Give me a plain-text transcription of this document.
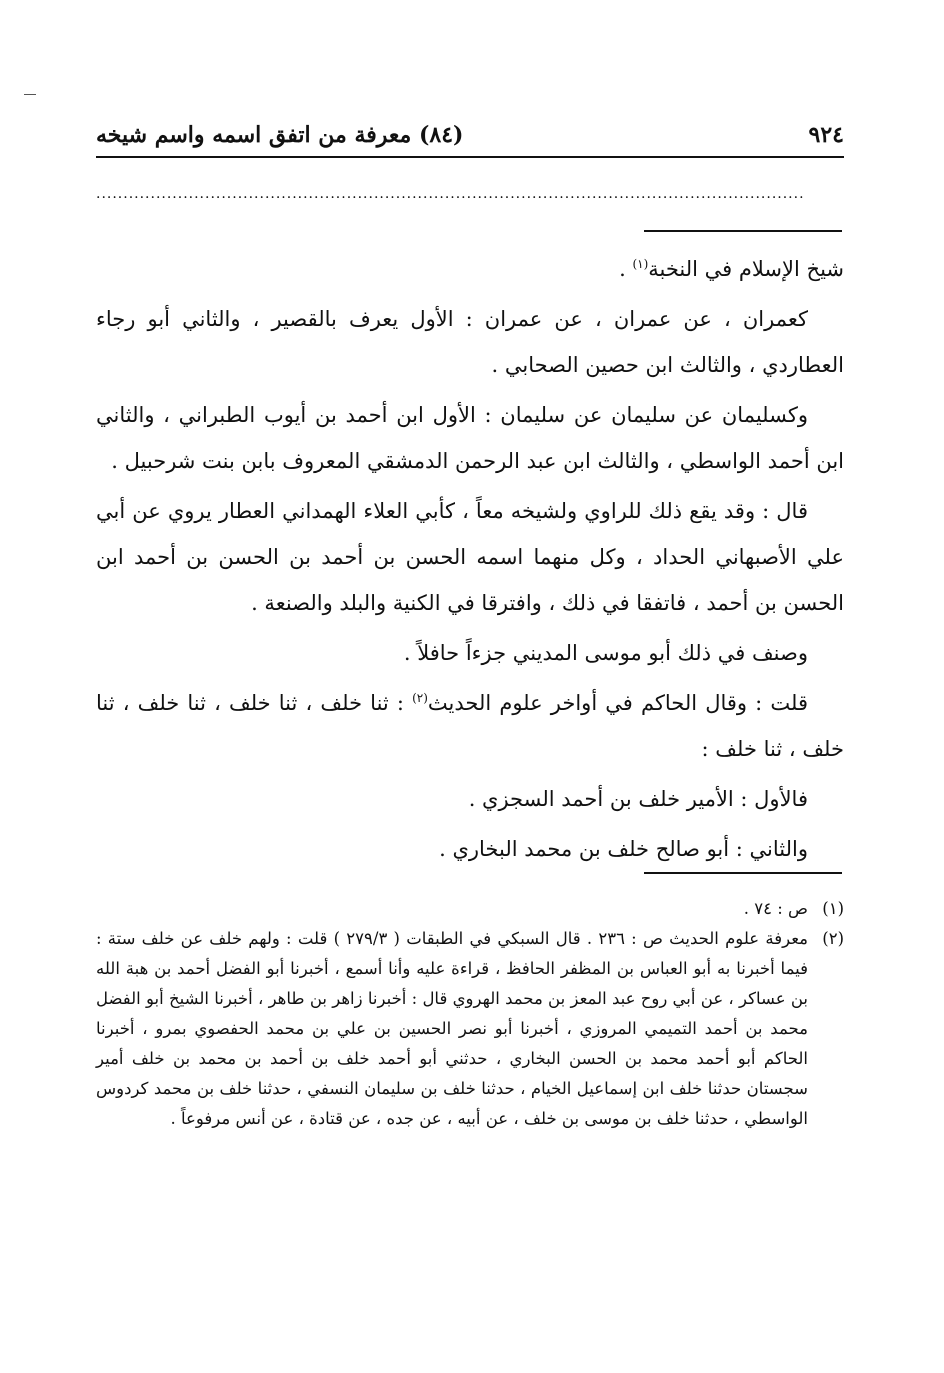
٩٢٤
(٨٤) معرفة من اتفق اسمه واسم شيخه
..................................................................................................................................

شيخ الإسلام في النخبة$^{(١)}$ .

كعمران ، عن عمران ، عن عمران : الأول يعرف بالقصير ، والثاني أبو رجاء العطاردي ، والثالث ابن حصين الصحابي .

وكسليمان عن سليمان عن سليمان : الأول ابن أحمد بن أيوب الطبراني ، والثاني ابن أحمد الواسطي ، والثالث ابن عبد الرحمن الدمشقي المعروف بابن بنت شرحبيل .

قال : وقد يقع ذلك للراوي ولشيخه معاً ، كأبي العلاء الهمداني العطار يروي عن أبي علي الأصبهاني الحداد ، وكل منهما اسمه الحسن بن أحمد بن الحسن بن أحمد ابن الحسن بن أحمد ، فاتفقا في ذلك ، وافترقا في الكنية والبلد والصنعة .

وصنف في ذلك أبو موسى المديني جزءاً حافلاً .

قلت : وقال الحاكم في أواخر علوم الحديث$^{(٢)}$ : ثنا خلف ، ثنا خلف ، ثنا خلف ، ثنا خلف ، ثنا خلف :

فالأول : الأمير خلف بن أحمد السجزي .

والثاني : أبو صالح خلف بن محمد البخاري .

(١)
ص : ٧٤ .
(٢)
معرفة علوم الحديث ص : ٢٣٦ . قال السبكي في الطبقات ( ٢٧٩/٣ ) قلت : ولهم خلف عن خلف ستة : فيما أخبرنا به أبو العباس بن المظفر الحافظ ، قراءة عليه وأنا أسمع ، أخبرنا أبو الفضل أحمد بن هبة الله بن عساكر ، عن أبي روح عبد المعز بن محمد الهروي قال : أخبرنا زاهر بن طاهر ، أخبرنا الشيخ أبو الفضل محمد بن أحمد التميمي المروزي ، أخبرنا أبو نصر الحسين بن علي بن محمد الحفصوي بمرو ، أخبرنا الحاكم أبو أحمد محمد بن الحسن البخاري ، حدثني أبو أحمد خلف بن أحمد بن محمد بن خلف أمير سجستان حدثنا خلف ابن إسماعيل الخيام ، حدثنا خلف بن سليمان النسفي ، حدثنا خلف بن محمد كردوس الواسطي ، حدثنا خلف بن موسى بن خلف ، عن أبيه ، عن جده ، عن قتادة ، عن أنس مرفوعاً .
